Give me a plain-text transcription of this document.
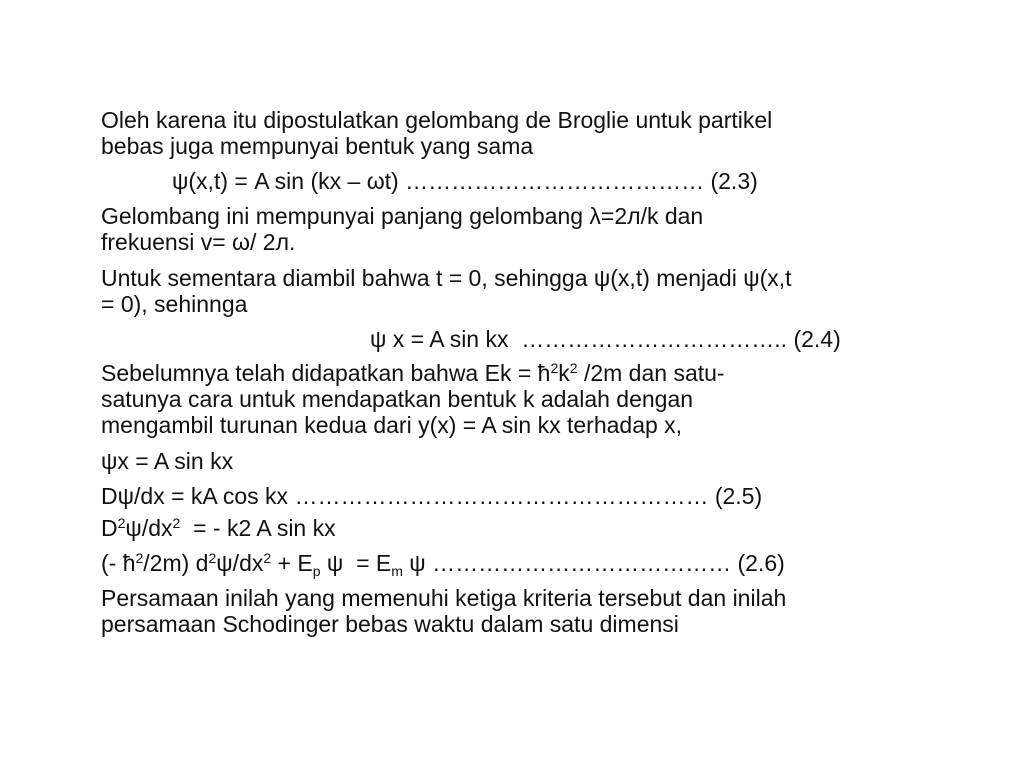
Oleh karena itu dipostulatkan gelombang de Broglie untuk partikel
bebas juga mempunyai bentuk yang sama
ψ(x,t) = A sin (kx – ωt) ………………………………… (2.3)
Gelombang ini mempunyai panjang gelombang λ=2л/k dan
frekuensi v= ω/ 2л.
Untuk sementara diambil bahwa t = 0, sehingga ψ(x,t) menjadi ψ(x,t
= 0), sehinnga
ψ x = A sin kx …………………………….. (2.4)
Sebelumnya telah didapatkan bahwa $Ek = ħ^2k^2$ /2m dan satu-
satunya cara untuk mendapatkan bentuk k adalah dengan
mengambil turunan kedua dari y(x) = A sin kx terhadap x,
ψx = A sin kx
Dψ/dx = kA cos kx ……………………………………………… (2.5)
$D^2\psi/dx^2$  = - k2 A sin kx
(- $ħ^2/2m$) $d^2\psi/dx^2 + E_p$ $\psi = E_m$ ψ ………………………………… (2.6)
Persamaan inilah yang memenuhi ketiga kriteria tersebut dan inilah
persamaan Schodinger bebas waktu dalam satu dimensi
